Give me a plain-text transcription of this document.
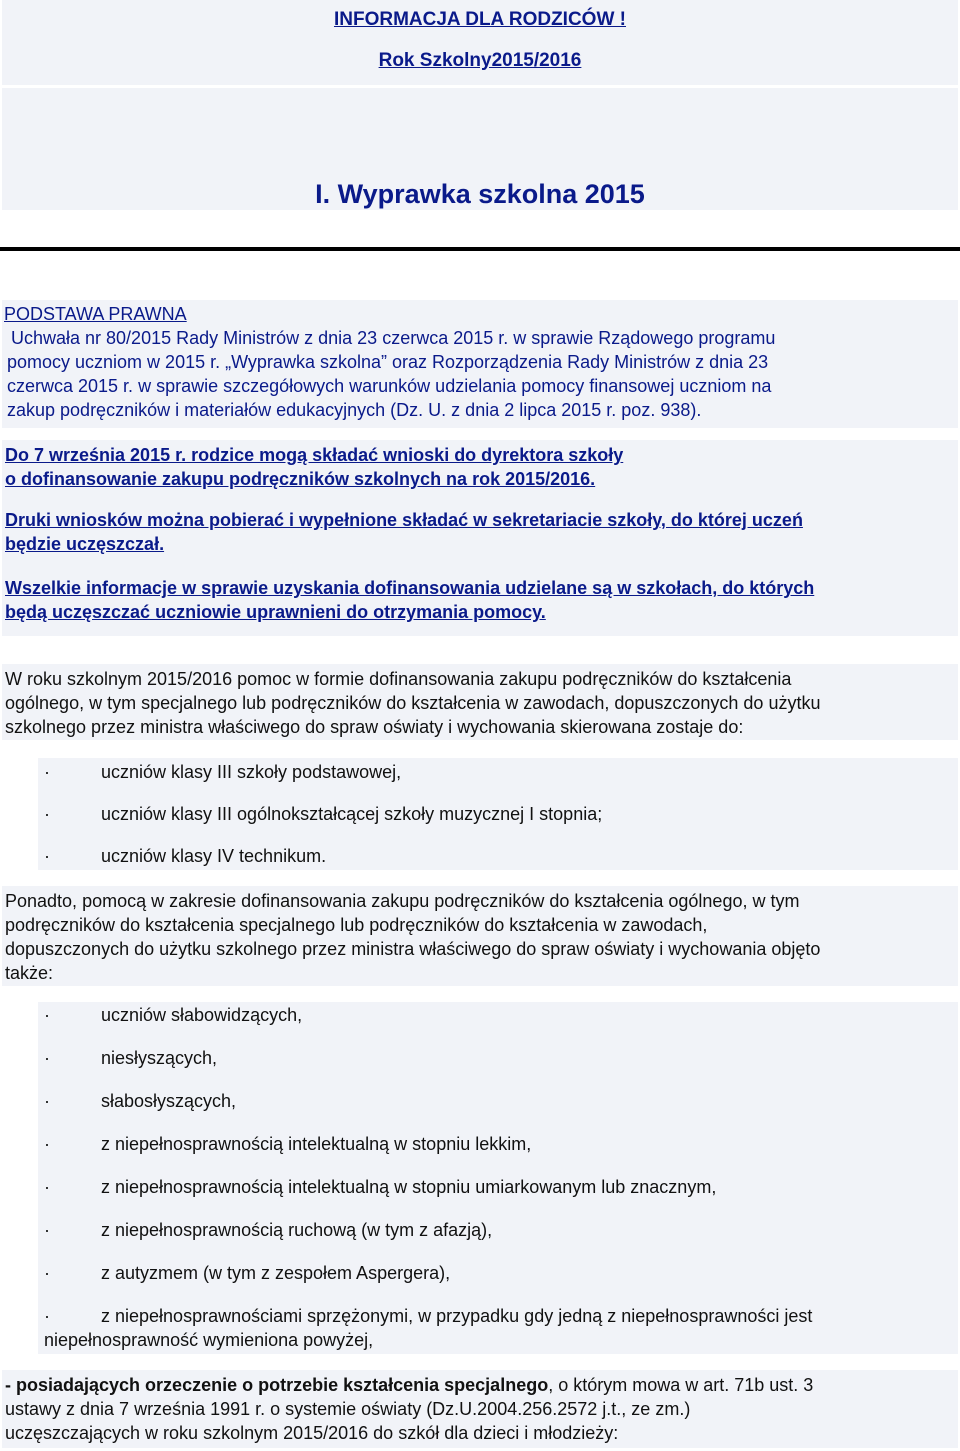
INFORMACJA DLA RODZICÓW !
Rok Szkolny2015/2016
I. Wyprawka szkolna 2015
PODSTAWA PRAWNA
Uchwała nr 80/2015 Rady Ministrów z dnia 23 czerwca 2015 r. w sprawie Rządowego programu
pomocy uczniom w 2015 r. „Wyprawka szkolna” oraz Rozporządzenia Rady Ministrów z dnia 23
czerwca 2015 r. w sprawie szczegółowych warunków udzielania pomocy finansowej uczniom na
zakup podręczników i materiałów edukacyjnych (Dz. U. z dnia 2 lipca 2015 r. poz. 938).
Do 7 września 2015 r. rodzice mogą składać wnioski do dyrektora szkoły
o dofinansowanie zakupu podręczników szkolnych na rok 2015/2016.
Druki wniosków można pobierać i wypełnione składać w sekretariacie szkoły, do której uczeń
będzie uczęszczał.
Wszelkie informacje w sprawie uzyskania dofinansowania udzielane są w szkołach, do których
będą uczęszczać uczniowie uprawnieni do otrzymania pomocy.
W roku szkolnym 2015/2016 pomoc w formie dofinansowania zakupu podręczników do kształcenia
ogólnego, w tym specjalnego lub podręczników do kształcenia w zawodach, dopuszczonych do użytku
szkolnego przez ministra właściwego do spraw oświaty i wychowania skierowana zostaje do:
·	uczniów klasy III szkoły podstawowej,
·	uczniów klasy III ogólnokształcącej szkoły muzycznej I stopnia;
·	uczniów klasy IV technikum.
Ponadto, pomocą w zakresie dofinansowania zakupu podręczników do kształcenia ogólnego, w tym
podręczników do kształcenia specjalnego lub podręczników do kształcenia w zawodach,
dopuszczonych do użytku szkolnego przez ministra właściwego do spraw oświaty i wychowania objęto
także:
·	uczniów słabowidzących,
·	niesłyszących,
·	słabosłyszących,
·	z niepełnosprawnością intelektualną w stopniu lekkim,
·	z niepełnosprawnością intelektualną w stopniu umiarkowanym lub znacznym,
·	z niepełnosprawnością ruchową (w tym z afazją),
·	z autyzmem (w tym z zespołem Aspergera),
·	z niepełnosprawnościami sprzężonymi, w przypadku gdy jedną z niepełnosprawności jest
niepełnosprawność wymieniona powyżej,
- posiadających orzeczenie o potrzebie kształcenia specjalnego, o którym mowa w art. 71b ust. 3
ustawy z dnia 7 września 1991 r. o systemie oświaty (Dz.U.2004.256.2572 j.t., ze zm.)
uczęszczających w roku szkolnym 2015/2016 do szkół dla dzieci i młodzieży:
